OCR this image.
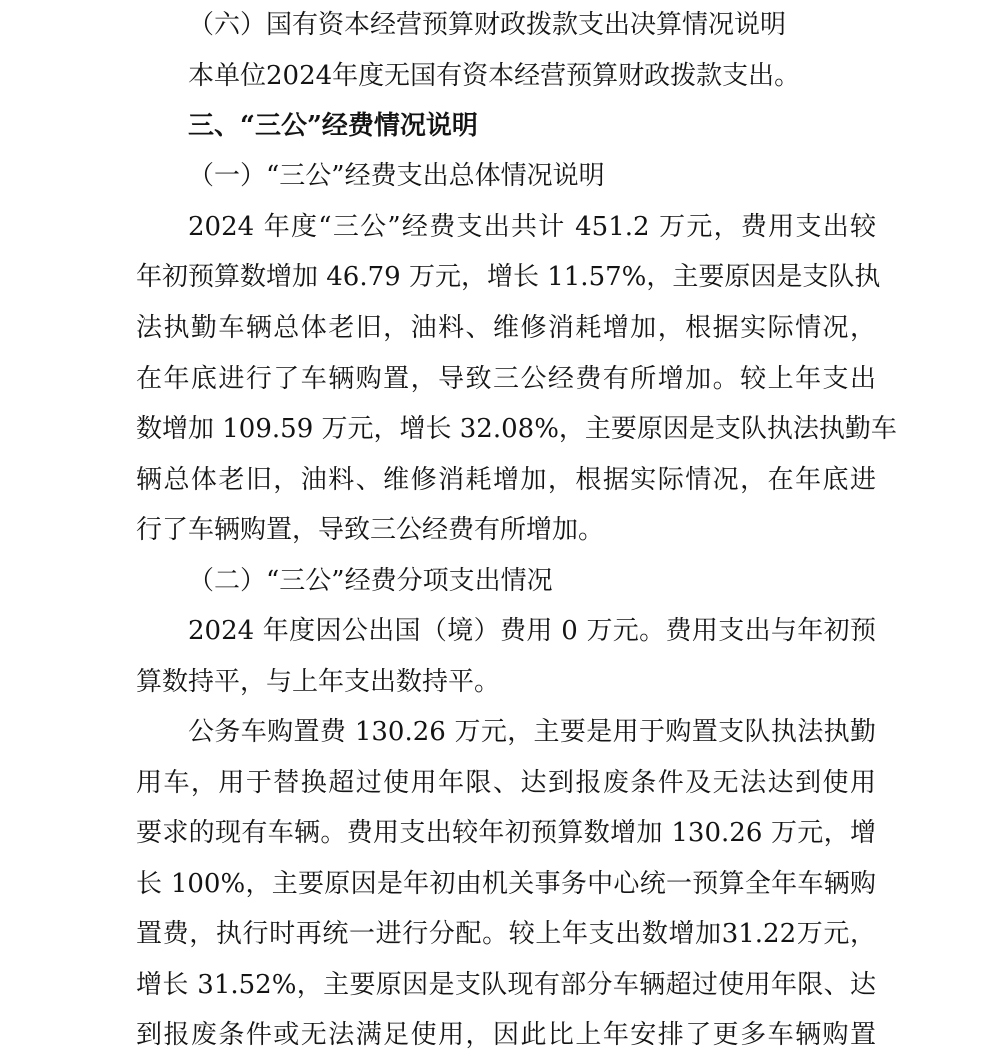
（六）国有资本经营预算财政拨款支出决算情况说明
本单位2024年度无国有资本经营预算财政拨款支出。
三、“三公”经费情况说明
（一）“三公”经费支出总体情况说明
2024 年度“三公”经费支出共计 451.2 万元，费用支出较
年初预算数增加 46.79 万元，增长 11.57%，主要原因是支队执
法执勤车辆总体老旧，油料、维修消耗增加，根据实际情况，
在年底进行了车辆购置，导致三公经费有所增加。较上年支出
数增加 109.59 万元，增长 32.08%，主要原因是支队执法执勤车
辆总体老旧，油料、维修消耗增加，根据实际情况，在年底进
行了车辆购置，导致三公经费有所增加。
（二）“三公”经费分项支出情况
2024 年度因公出国（境）费用 0 万元。费用支出与年初预
算数持平，与上年支出数持平。
公务车购置费 130.26 万元，主要是用于购置支队执法执勤
用车，用于替换超过使用年限、达到报废条件及无法达到使用
要求的现有车辆。费用支出较年初预算数增加 130.26 万元，增
长 100%，主要原因是年初由机关事务中心统一预算全年车辆购
置费，执行时再统一进行分配。较上年支出数增加31.22万元，
增长 31.52%，主要原因是支队现有部分车辆超过使用年限、达
到报废条件或无法满足使用，因此比上年安排了更多车辆购置
